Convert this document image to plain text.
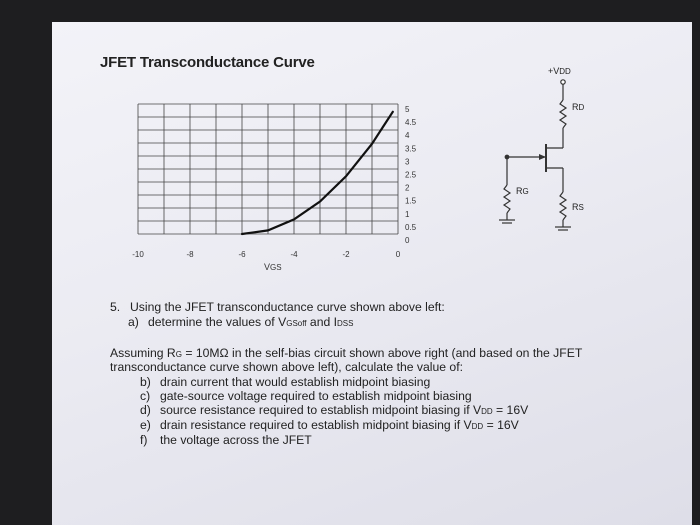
JFET Transconductance Curve
-10	-8	-6	-4	-2	0
5
4.5
4
3.5
3
2.5
2
1.5
1
0.5
0
+VDD
RD
RG
RS
VGS
5. Using the JFET transconductance curve shown above left:
a) determine the values of VGSoff and IDSS
Assuming RG = 10MΩ in the self-bias circuit shown above right (and based on the JFET
transconductance curve shown above left), calculate the value of:
b) drain current that would establish midpoint biasing
c) gate-source voltage required to establish midpoint biasing
d) source resistance required to establish midpoint biasing if VDD = 16V
e) drain resistance required to establish midpoint biasing if VDD = 16V
f) the voltage across the JFET
